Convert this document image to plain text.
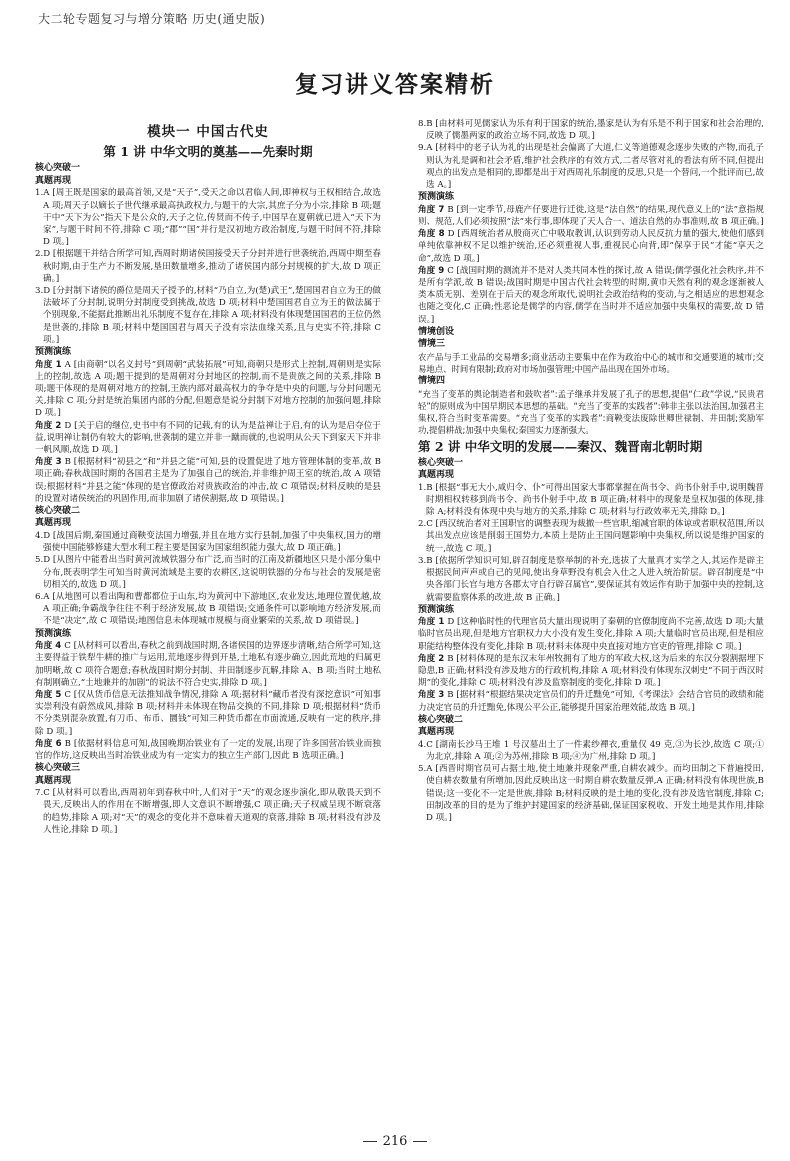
大二轮专题复习与增分策略 历史(通史版)
复习讲义答案精析
模块一 中国古代史
第 1 讲 中华文明的奠基——先秦时期
核心突破一
真题再现
1.A [周王既是国家的最高首领,又是“天子”,受天之命以君临人间,即神权与王权相结合,故选 A 项;周天子以嫡长子世代继承最高执政权力,与题干的大宗,其庶子分为小宗,排除 B 项;题干中“天下为公”指天下是公众的,天子之位,传贤而不传子,中国早在夏朝就已进入“天下为家”,与题干时间不符,排除 C 项;“郡”“国”并行是汉初地方政治制度,与题干时间不符,排除 D 项。]
2.D [根据题干并结合所学可知,西周时期诸侯国接受天子分封并进行世袭统治,西周中期至春秋时期,由于生产力不断发展,垦田数量增多,推动了诸侯国内部分封规模的扩大,故 D 项正确。]
3.D [分封制下诸侯的爵位是周天子授予的,材料“乃自立,为(楚)武王”,楚国国君自立为王的做法破坏了分封制,说明分封制度受到挑战,故选 D 项;材料中楚国国君自立为王的做法属于个别现象,不能据此推断出礼乐制度不复存在,排除 A 项;材料没有体现楚国国君的王位仍然是世袭的,排除 B 项;材料中楚国国君与周天子没有宗法血缘关系,且与史实不符,排除 C 项。]
预测演练
角度 1 A [由商朝“以名义封号”到周朝“武装拓展”可知,商朝只是形式上控制,周朝则是实际上的控制,故选 A 项;题干提到的是周朝对分封地区的控制,而不是贵族之间的关系,排除 B 项;题干体现的是周朝对地方的控制,王族内部对最高权力的争夺是中央的问题,与分封问题无关,排除 C 项;分封是统治集团内部的分配,但题意是说分封制下对地方控制的加强问题,排除 D 项。]
角度 2 D [关于启的继位,史书中有不同的记载,有的认为是益禅让于启,有的认为是启夺位于益,说明禅让制仍有较大的影响,世袭制的建立并非一蹴而就的,也说明从公天下到家天下并非一帆风顺,故选 D 项。]
角度 3 B [根据材料“初县之”和“并县之能”可知,县的设置促进了地方管理体制的变革,故 B 项正确;春秋战国时期的各国君主是为了加强自己的统治,并非维护周王室的统治,故 A 项错误;根据材料“并县之能”体现的是官僚政治对贵族政治的冲击,故 C 项错误;材料反映的是县的设置对诸侯统治的巩固作用,而非加剧了诸侯割据,故 D 项错误。]
核心突破二
真题再现
4.D [战国后期,秦国通过商鞅变法国力增强,并且在地方实行县制,加强了中央集权,国力的增强使中国能够修建大型水利工程主要是国家为国家组织能力强大,故 D 项正确。]
5.D [从图片中能看出当时黄河流域铁器分布广泛,而当时的江南及新疆地区只是小部分集中分布,既表明学生可知当时黄河流域是主要的农耕区,这说明铁器的分布与社会的发展是密切相关的,故选 D 项。]
6.A [从地图可以看出陶和曹都都位于山东,均为黄河中下游地区,农业发达,地理位置优越,故 A 项正确;争霸战争往往不利于经济发展,故 B 项错误;交通条件可以影响地方经济发展,而不是“决定”,故 C 项错误;地图信息未体现城市规模与商业繁荣的关系,故 D 项错误。]
预测演练
角度 4 C [从材料可以看出,春秋之前到战国时期,各诸侯国的边界逐步清晰,结合所学可知,这主要得益于铁犁牛耕的推广与运用,荒地逐步得到开垦,土地私有逐步确立,因此荒地的归属更加明晰,故 C 项符合题意;春秋战国时期分封制、井田制逐步瓦解,排除 A、B 项;当时土地私有制刚确立,“土地兼并的加剧”的说法不符合史实,排除 D 项。]
角度 5 C [仅从货币信息无法推知战争情况,排除 A 项;据材料“藏币者没有深挖意识”可知事实崇利没有蔚然成风,排除 B 项;材料并未体现在物品交换的不同,排除 D 项;根据材料“货币不分类别混杂放置,有刀币、布币、圜钱”可知三种货币都在市面流通,反映有一定的秩序,排除 D 项。]
角度 6 B [依据材料信息可知,战国晚期冶铁业有了一定的发展,出现了许多国营冶铁业而独官的作坊,这反映出当时冶铁业成为有一定实力的独立生产部门,因此 B 选项正确。]
核心突破三
真题再现
7.C [从材料可以看出,西周初年到春秋中叶,人们对于“天”的观念逐步演化,即从敬畏天到不畏天,反映出人的作用在不断增强,即人文意识不断增强,C 项正确;天子权威呈现不断衰落的趋势,排除 A 项;对“天”的观念的变化并不意味着天道观的衰落,排除 B 项;材料没有涉及人性论,排除 D 项。]
8.B [由材料可见儒家认为乐有利于国家的统治,墨家是认为有乐是不利于国家和社会治理的,反映了儒墨两家的政治立场不同,故选 D 项。]
9.A [材料中的老子认为礼的出现是社会偏离了大道,仁义等道德观念逐步失败的产物,而孔子则认为礼是调和社会矛盾,维护社会秩序的有效方式,二者尽管对礼的看法有所不同,但提出观点的出发点是相同的,即都是出于对西周礼乐制度的反思,只是一个替问,一个批评而已,故选 A。]
预测演练
角度 7 B [到一定季节,母鹿产仔要进行迁徙,这是“法自然”的结果,现代意义上的“法”意指规则、规范,人们必须按照“法”来行事,即体现了天人合一、道法自然的办事准则,故 B 项正确。]
角度 8 D [西周统治者从殷商灭亡中吸取教训,认识到劳动人民反抗力量的强大,使他们感到单纯依靠神权不足以维护统治,还必须重视人事,重视民心向背,即“保享于民”才能“享天之命”,故选 D 项。]
角度 9 C [战国时期的测流并不是对人类共同本性的探讨,故 A 错误;儒学强化社会秩序,并不是所有学派,故 B 错误;战国时期是中国古代社会转型的时期,黄巾天然有利的观念逐渐被人类本质无别、差别在于后天的观念所取代,说明社会政治结构的变动,与之相适应的思想观念也随之变化,C 正确;性恶论是儒学的内容,儒学在当时并不适应加强中央集权的需要,故 D 错误。]
情境创设
情境三
农产品与手工业品的交易增多;商业活动主要集中在作为政治中心的城市和交通要道的城市;交易地点、时间有限制;政府对市场加强管理;中国产品出现在国外市场。
情境四
“充当了变革的舆论制造者和鼓吹者”:孟子继承并发展了孔子的思想,提倡“仁政”学说,“民贵君轻”的原则成为中国早期民本思想的基础。“充当了变革的实践者”:韩非主张以法治国,加强君主集权,符合当时变革需要。“充当了变革的实践者”:商鞅变法废除世卿世禄制、井田制;奖励军功,提倡耕战;加强中央集权;秦国实力逐渐强大。
第 2 讲 中华文明的发展——秦汉、魏晋南北朝时期
核心突破一
真题再现
1.B [根据“事无大小,咸归令、仆”可得出国家大事都掌握在尚书令、尚书仆射手中,说明魏晋时期相权转移到尚书令、尚书仆射手中,故 B 项正确;材料中的现象是皇权加强的体现,排除 A;材料没有体现中央与地方的关系,排除 C 项;材料与行政效率无关,排除 D。]
2.C [西汉统治者对王国职官的调整表现为裁撤一些官职,缩减官职的体谅或者职权范围,所以其出发点应该是削弱王国势力,本质上是防止王国问题影响中央集权,所以说是维护国家的统一,故选 C 项。]
3.B [依据所学知识可知,辟召制度是察举制的补充,选拔了大量真才实学之人,其运作是辟主根据民间声声或自己的见闻,使出身草野没有机会入仕之人进入统治阶层。辟召制度是“中央各部门长官与地方各郡太守自行辟召属官”,要保证其有效运作有助于加强中央的控制,这就需要监察体系的改进,故 B 正确。]
预测演练
角度 1 D [这种临时性的代理官员大量出现说明了秦朝的官僚制度尚不完善,故选 D 项;大量临时官员出现,但是地方官职权力大小没有发生变化,排除 A 项;大量临时官员出现,但是相应职能结构整体没有变化,排除 B 项;材料未体现中央直接对地方官吏的管理,排除 C 项。]
角度 2 B [材料体现的是东汉末年州牧拥有了地方的军政大权,这为后来的东汉分裂割据埋下隐患,B 正确;材料没有涉及地方的行政机构,排除 A 项;材料没有体现东汉刺史“不同于西汉时期”的变化,排除 C 项;材料没有涉及监察制度的变化,排除 D 项。]
角度 3 B [据材料“根据结果决定官员们的升迁黜免”可知,《考课法》会结合官员的政绩和能力决定官员的升迁黜免,体现公平公正,能够提升国家治理效能,故选 B 项。]
核心突破二
真题再现
4.C [湖南长沙马王堆 1 号汉墓出土了一件素纱襌衣,重量仅 49 克,③为长沙,故选 C 项;①为北京,排除 A 项;②为苏州,排除 B 项;④为广州,排除 D 项。]
5.A [西晋时期官员可占据土地,使土地兼并现象严重,自耕农减少。而均田制之下普遍授田,使自耕农数量有所增加,因此反映出这一时期自耕农数量反弹,A 正确;材料没有体现世族,B 错误;这一变化不一定是世族,排除 B;材料反映的是土地的变化,没有涉及选官制度,排除 C;田制改革的目的是为了维护封建国家的经济基础,保证国家税收、开发土地是其作用,排除 D 项。]
216
